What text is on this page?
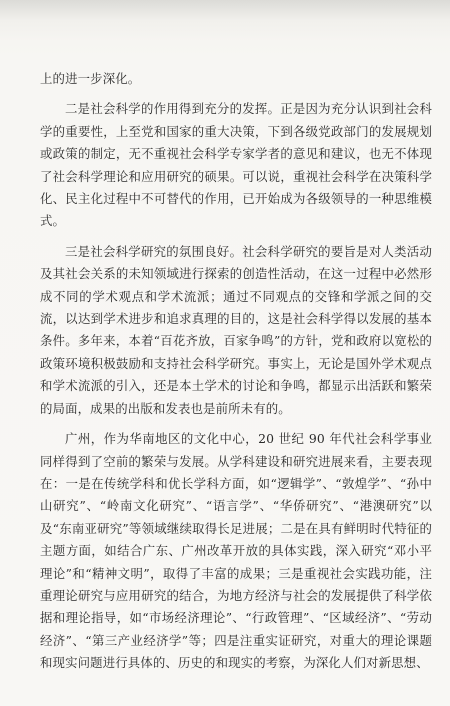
上的进一步深化。

二是社会科学的作用得到充分的发挥。正是因为充分认识到社会科学的重要性，上至党和国家的重大决策，下到各级党政部门的发展规划或政策的制定，无不重视社会科学专家学者的意见和建议，也无不体现了社会科学理论和应用研究的硕果。可以说，重视社会科学在决策科学化、民主化过程中不可替代的作用，已开始成为各级领导的一种思维模式。

三是社会科学研究的氛围良好。社会科学研究的要旨是对人类活动及其社会关系的未知领域进行探索的创造性活动，在这一过程中必然形成不同的学术观点和学术流派；通过不同观点的交锋和学派之间的交流，以达到学术进步和追求真理的目的，这是社会科学得以发展的基本条件。多年来，本着“百花齐放，百家争鸣”的方针，党和政府以宽松的政策环境积极鼓励和支持社会科学研究。事实上，无论是国外学术观点和学术流派的引入，还是本土学术的讨论和争鸣，都显示出活跃和繁荣的局面，成果的出版和发表也是前所未有的。

广州，作为华南地区的文化中心，20 世纪 90 年代社会科学事业同样得到了空前的繁荣与发展。从学科建设和研究进展来看，主要表现在：一是在传统学科和优长学科方面，如“逻辑学”、“敦煌学”、“孙中山研究”、“岭南文化研究”、“语言学”、“华侨研究”、“港澳研究”以及“东南亚研究”等领域继续取得长足进展；二是在具有鲜明时代特征的主题方面，如结合广东、广州改革开放的具体实践，深入研究“邓小平理论”和“精神文明”，取得了丰富的成果；三是重视社会实践功能，注重理论研究与应用研究的结合，为地方经济与社会的发展提供了科学依据和理论指导，如“市场经济理论”、“行政管理”、“区域经济”、“劳动经济”、“第三产业经济学”等；四是注重实证研究，对重大的理论课题和现实问题进行具体的、历史的和现实的考察，为深化人们对新思想、
